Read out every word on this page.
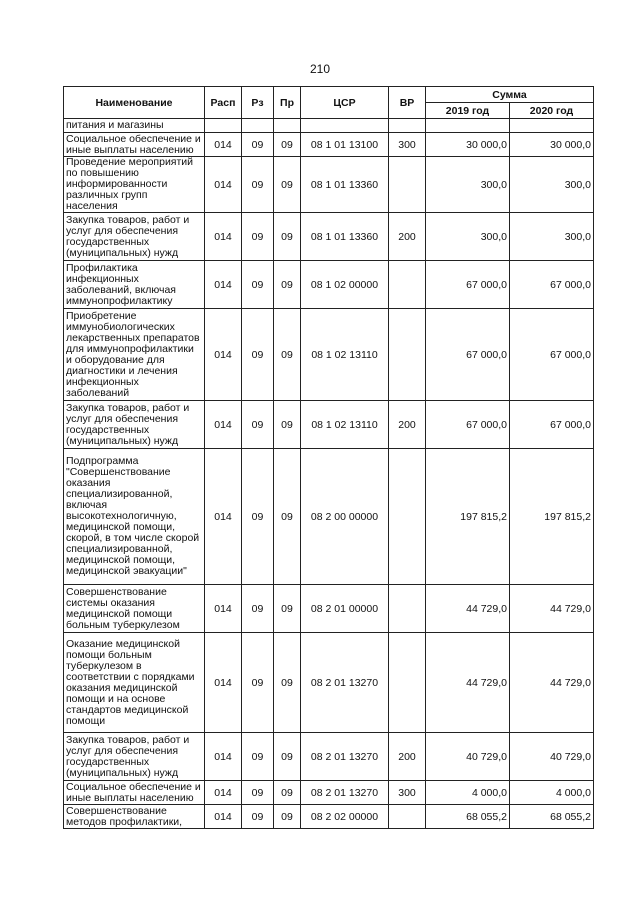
210
Наименование	Расп	Рз	Пр	ЦСР	ВР	Сумма	
						2019 год	2020 год
питания и магазины							
Социальное обеспечение и иные выплаты населению	014	09	09	08 1 01 13100	300	30 000,0	30 000,0
Проведение мероприятий по повышению информированности различных групп населения	014	09	09	08 1 01 13360		300,0	300,0
Закупка товаров, работ и услуг для обеспечения государственных (муниципальных) нужд	014	09	09	08 1 01 13360	200	300,0	300,0
Профилактика инфекционных заболеваний, включая иммунопрофилактику	014	09	09	08 1 02 00000		67 000,0	67 000,0
Приобретение иммунобиологических лекарственных препаратов для иммунопрофилактики и оборудование для диагностики и лечения инфекционных заболеваний	014	09	09	08 1 02 13110		67 000,0	67 000,0
Закупка товаров, работ и услуг для обеспечения государственных (муниципальных) нужд	014	09	09	08 1 02 13110	200	67 000,0	67 000,0
Подпрограмма "Совершенствование оказания специализированной, включая высокотехнологичную, медицинской помощи, скорой, в том числе скорой специализированной, медицинской помощи, медицинской эвакуации"	014	09	09	08 2 00 00000		197 815,2	197 815,2
Совершенствование системы оказания медицинской помощи больным туберкулезом	014	09	09	08 2 01 00000		44 729,0	44 729,0
Оказание медицинской помощи больным туберкулезом в соответствии с порядками оказания медицинской помощи и на основе стандартов медицинской помощи	014	09	09	08 2 01 13270		44 729,0	44 729,0
Закупка товаров, работ и услуг для обеспечения государственных (муниципальных) нужд	014	09	09	08 2 01 13270	200	40 729,0	40 729,0
Социальное обеспечение и иные выплаты населению	014	09	09	08 2 01 13270	300	4 000,0	4 000,0
Совершенствование методов профилактики,	014	09	09	08 2 02 00000		68 055,2	68 055,2
